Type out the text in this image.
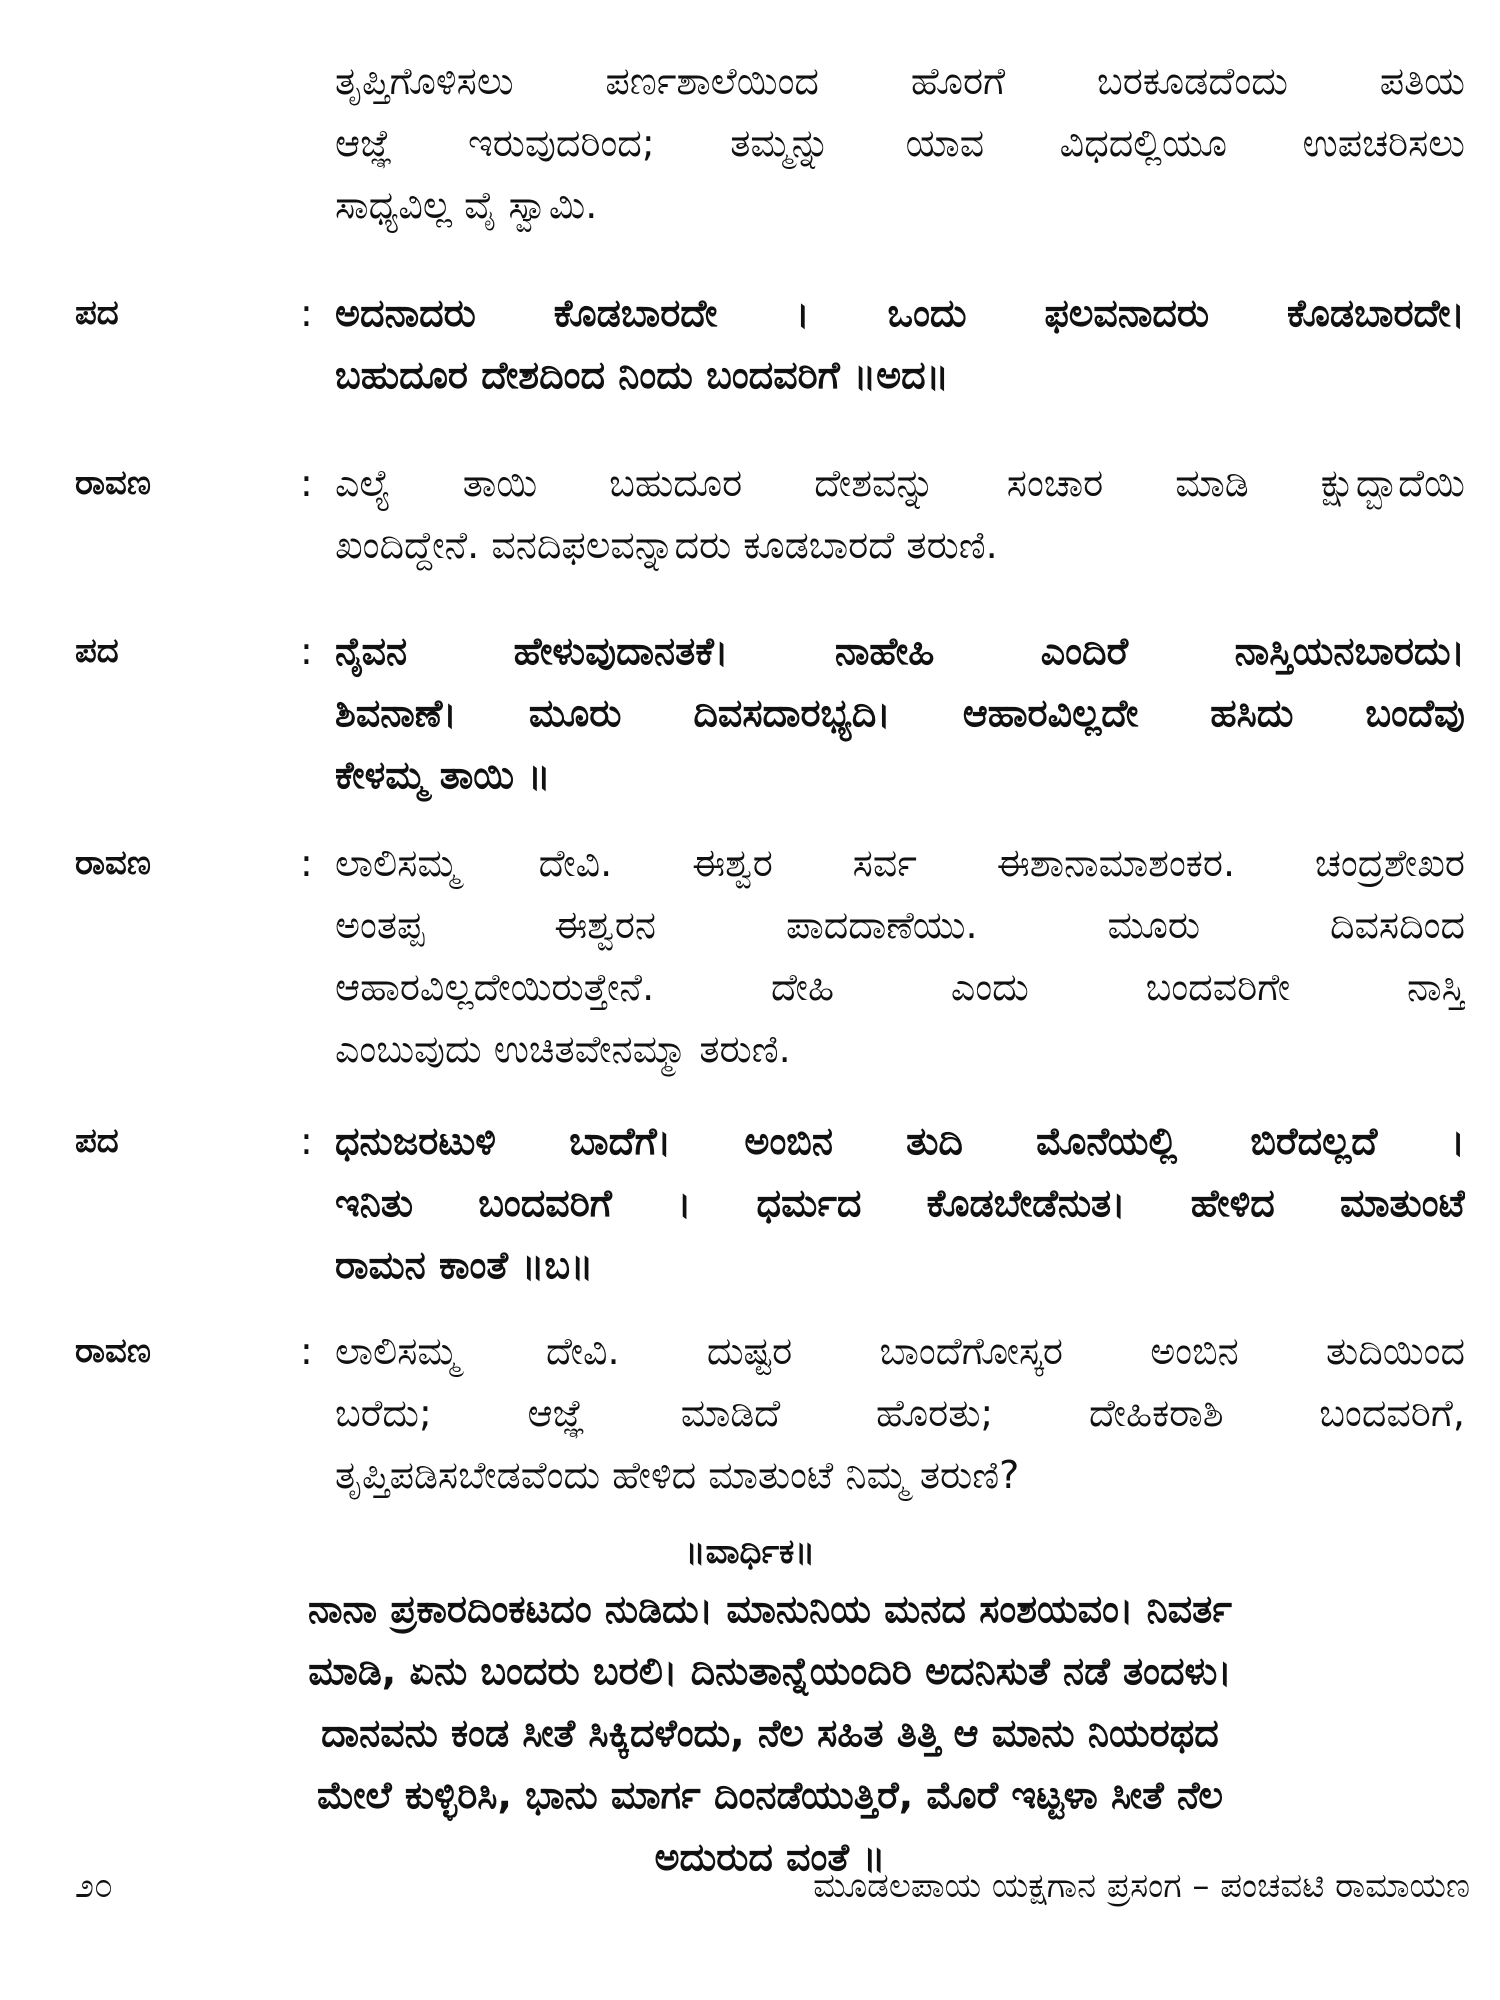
ತೃಪ್ತಿಗೊಳಿಸಲು ಪರ್ಣಶಾಲೆಯಿಂದ ಹೊರಗೆ ಬರಕೂಡದೆಂದು ಪತಿಯ
ಆಜ್ಞೆ ಇರುವುದರಿಂದ; ತಮ್ಮನ್ನು ಯಾವ ವಿಧದಲ್ಲಿಯೂ ಉಪಚರಿಸಲು
ಸಾಧ್ಯವಿಲ್ಲ ವೈ ಸ್ವಾಮಿ.
ಪದ	: ಅದನಾದರು ಕೊಡಬಾರದೇ । ಒಂದು ಫಲವನಾದರು ಕೊಡಬಾರದೇ।
ಬಹುದೂರ ದೇಶದಿಂದ ನಿಂದು ಬಂದವರಿಗೆ ॥ಅದ॥
ರಾವಣ	: ಎಲ್ಯೆ ತಾಯಿ ಬಹುದೂರ ದೇಶವನ್ನು ಸಂಚಾರ ಮಾಡಿ ಕ್ಷುದ್ಬಾದೆಯಿ
ಖಂದಿದ್ದೇನೆ. ವನದಿಫಲವನ್ನಾದರು ಕೂಡಬಾರದೆ ತರುಣಿ.
ಪದ	: ನೈವನ ಹೇಳುವುದಾನತಕೆ। ನಾಹೇಹಿ ಎಂದಿರೆ ನಾಸ್ತಿಯನಬಾರದು।
ಶಿವನಾಣೆ। ಮೂರು ದಿವಸದಾರಭ್ಯದಿ। ಆಹಾರವಿಲ್ಲದೇ ಹಸಿದು ಬಂದೆವು
ಕೇಳಮ್ಮ ತಾಯಿ ॥
ರಾವಣ	: ಲಾಲಿಸಮ್ಮ ದೇವಿ. ಈಶ್ವರ ಸರ್ವ ಈಶಾನಾಮಾಶಂಕರ. ಚಂದ್ರಶೇಖರ
ಅಂತಪ್ಪ ಈಶ್ವರನ ಪಾದದಾಣೆಯು. ಮೂರು ದಿವಸದಿಂದ
ಆಹಾರವಿಲ್ಲದೇಯಿರುತ್ತೇನೆ. ದೇಹಿ ಎಂದು ಬಂದವರಿಗೇ ನಾಸ್ತಿ
ಎಂಬುವುದು ಉಚಿತವೇನಮ್ಮಾ ತರುಣಿ.
ಪದ	: ಧನುಜರಟುಳಿ ಬಾದೆಗೆ। ಅಂಬಿನ ತುದಿ ಮೊನೆಯಲ್ಲಿ ಬಿರೆದಲ್ಲದೆ ।
ಇನಿತು ಬಂದವರಿಗೆ । ಧರ್ಮದ ಕೊಡಬೇಡೆನುತ। ಹೇಳಿದ ಮಾತುಂಟೆ
ರಾಮನ ಕಾಂತೆ ॥ಬ॥
ರಾವಣ	: ಲಾಲಿಸಮ್ಮ ದೇವಿ. ದುಷ್ಟರ ಬಾಂದೆಗೋಸ್ಕರ ಅಂಬಿನ ತುದಿಯಿಂದ
ಬರೆದು; ಆಜ್ಞೆ ಮಾಡಿದೆ ಹೊರತು; ದೇಹಿಕರಾಶಿ ಬಂದವರಿಗೆ,
ತೃಪ್ತಿಪಡಿಸಬೇಡವೆಂದು ಹೇಳಿದ ಮಾತುಂಟೆ ನಿಮ್ಮ ತರುಣಿ?
॥ವಾರ್ಧಿಕ॥
ನಾನಾ ಪ್ರಕಾರದಿಂಕಟದಂ ನುಡಿದು। ಮಾನುನಿಯ ಮನದ ಸಂಶಯವಂ। ನಿವರ್ತ
ಮಾಡಿ, ಏನು ಬಂದರು ಬರಲಿ। ದಿನುತಾನ್ನೆಯಂದಿರಿ ಅದನಿಸುತೆ ನಡೆ ತಂದಳು।
ದಾನವನು ಕಂಡ ಸೀತೆ ಸಿಕ್ಕಿದಳೆಂದು, ನೆಲ ಸಹಿತ ತಿತ್ತಿ ಆ ಮಾನು ನಿಯರಥದ
ಮೇಲೆ ಕುಳ್ಳಿರಿಸಿ, ಭಾನು ಮಾರ್ಗ ದಿಂನಡೆಯುತ್ತಿರೆ, ಮೊರೆ ಇಟ್ಟಳಾ ಸೀತೆ ನೆಲ
ಅದುರುದ ವಂತೆ ॥
೨೦	ಮೂಡಲಪಾಯ ಯಕ್ಷಗಾನ ಪ್ರಸಂಗ – ಪಂಚವಟಿ ರಾಮಾಯಣ
